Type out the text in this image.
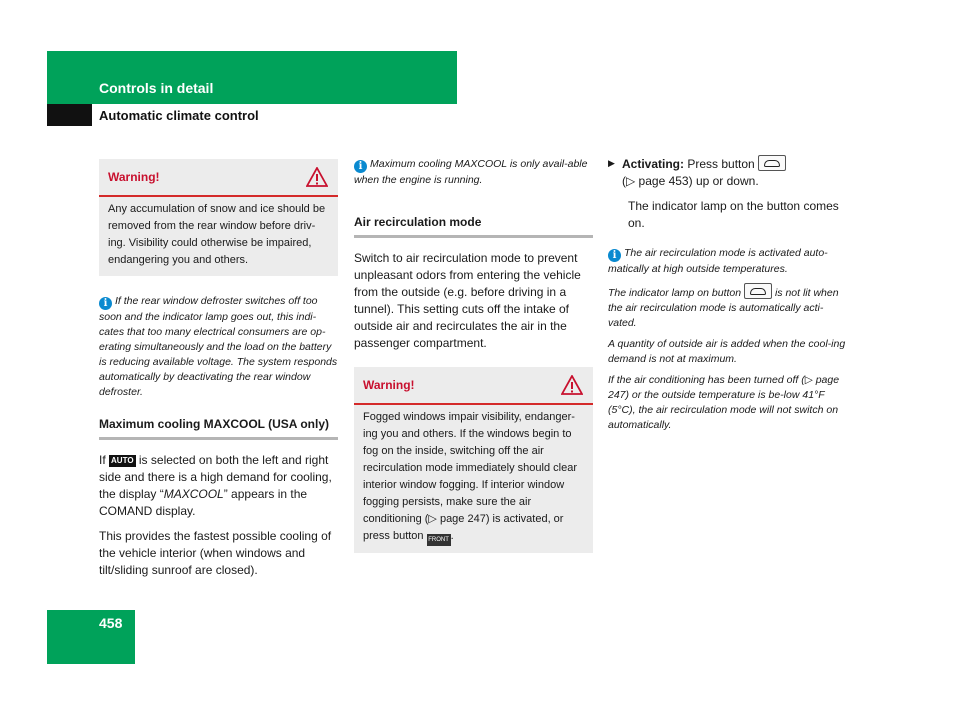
Controls in detail
Automatic climate control
Warning!
Any accumulation of snow and ice should be removed from the rear window before driv-ing. Visibility could otherwise be impaired, endangering you and others.
i If the rear window defroster switches off too soon and the indicator lamp goes out, this indi-cates that too many electrical consumers are op-erating simultaneously and the load on the battery is reducing available voltage. The system responds automatically by deactivating the rear window defroster.
Maximum cooling MAXCOOL (USA only)

If AUTO is selected on both the left and right side and there is a high demand for cooling, the display “MAXCOOL” appears in the COMAND display.

This provides the fastest possible cooling of the vehicle interior (when windows and tilt/sliding sunroof are closed).

i Maximum cooling MAXCOOL is only avail-able when the engine is running.
Air recirculation mode

Switch to air recirculation mode to prevent unpleasant odors from entering the vehicle from the outside (e.g. before driving in a tunnel). This setting cuts off the intake of outside air and recirculates the air in the passenger compartment.

Warning!
Fogged windows impair visibility, endanger-ing you and others. If the windows begin to fog on the inside, switching off the air recirculation mode immediately should clear interior window fogging. If interior window fogging persists, make sure the air conditioning (▷ page 247) is activated, or press button FRONT .
▶ Activating: Press button
(▷ page 453) up or down.

The indicator lamp on the button comes on.

i The air recirculation mode is activated auto-matically at high outside temperatures.
The indicator lamp on button	is not lit when the air recirculation mode is automatically acti-vated.
A quantity of outside air is added when the cool-ing demand is not at maximum.
If the air conditioning has been turned off (▷ page 247) or the outside temperature is be-low 41°F (5°C), the air recirculation mode will not switch on automatically.
458
